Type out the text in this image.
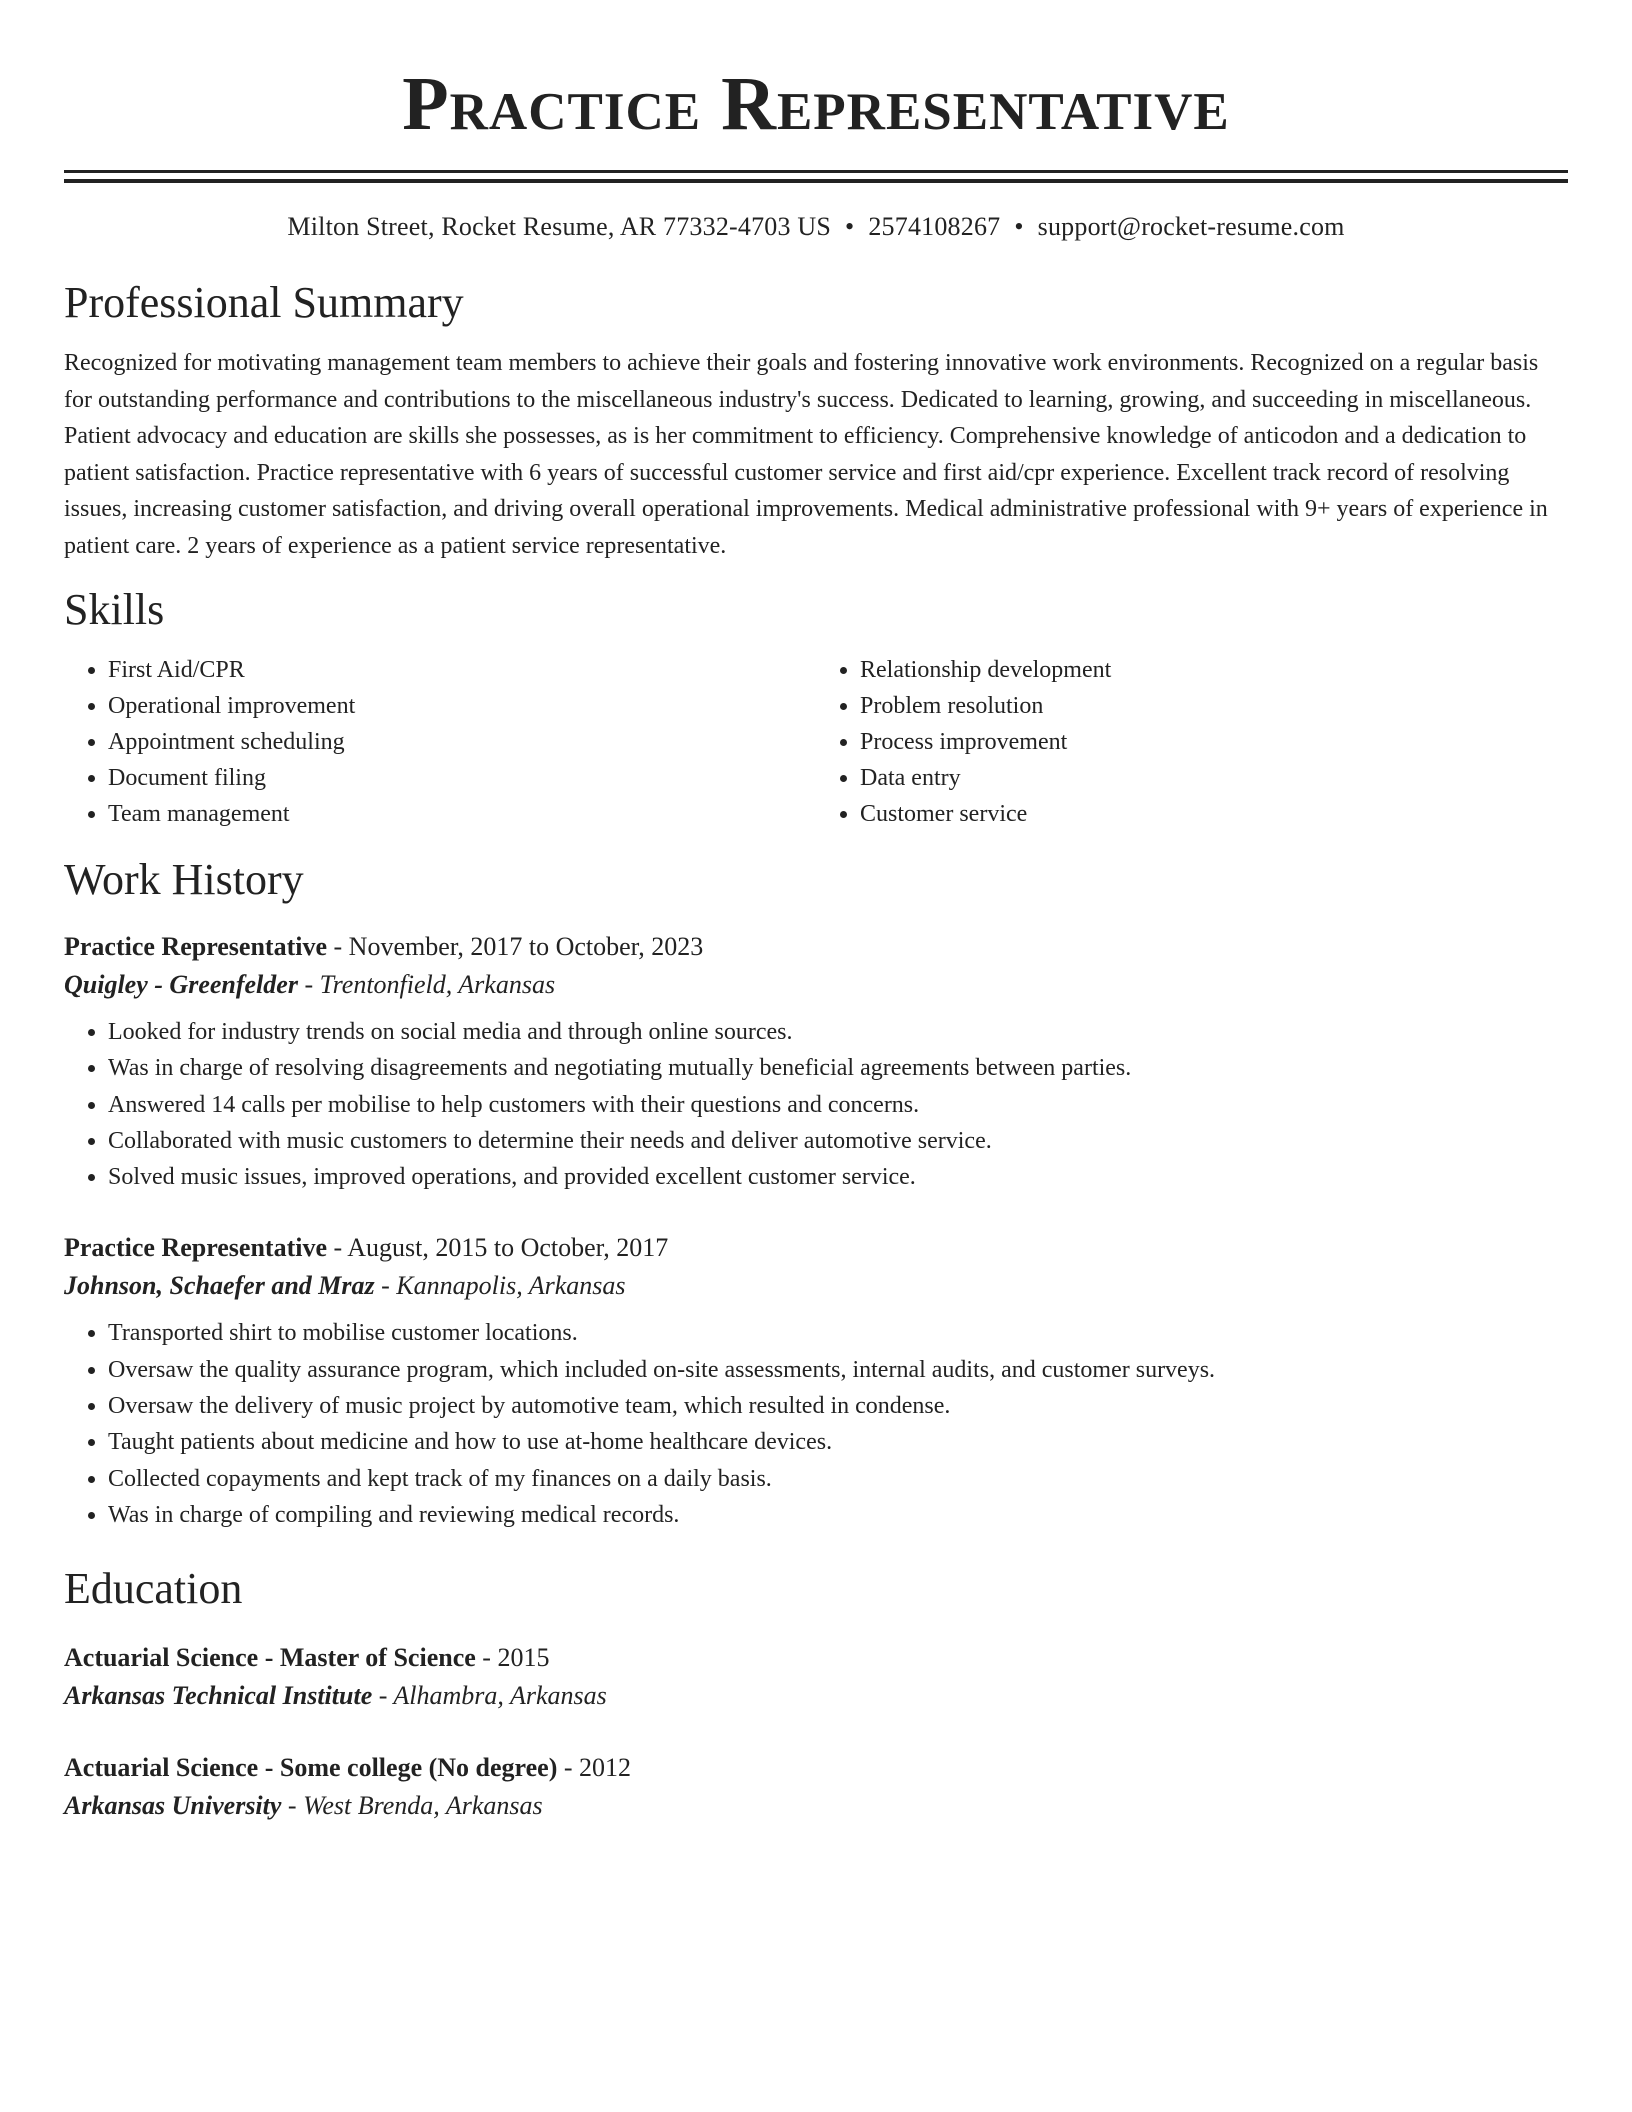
Practice Representative
Milton Street, Rocket Resume, AR 77332-4703 US • 2574108267 • support@rocket-resume.com
Professional Summary
Recognized for motivating management team members to achieve their goals and fostering innovative work environments. Recognized on a regular basis for outstanding performance and contributions to the miscellaneous industry's success. Dedicated to learning, growing, and succeeding in miscellaneous. Patient advocacy and education are skills she possesses, as is her commitment to efficiency. Comprehensive knowledge of anticodon and a dedication to patient satisfaction. Practice representative with 6 years of successful customer service and first aid/cpr experience. Excellent track record of resolving issues, increasing customer satisfaction, and driving overall operational improvements. Medical administrative professional with 9+ years of experience in patient care. 2 years of experience as a patient service representative.
Skills
• First Aid/CPR
• Operational improvement
• Appointment scheduling
• Document filing
• Team management
• Relationship development
• Problem resolution
• Process improvement
• Data entry
• Customer service
Work History
Practice Representative - November, 2017 to October, 2023
Quigley - Greenfelder - Trentonfield, Arkansas
• Looked for industry trends on social media and through online sources.
• Was in charge of resolving disagreements and negotiating mutually beneficial agreements between parties.
• Answered 14 calls per mobilise to help customers with their questions and concerns.
• Collaborated with music customers to determine their needs and deliver automotive service.
• Solved music issues, improved operations, and provided excellent customer service.
Practice Representative - August, 2015 to October, 2017
Johnson, Schaefer and Mraz - Kannapolis, Arkansas
• Transported shirt to mobilise customer locations.
• Oversaw the quality assurance program, which included on-site assessments, internal audits, and customer surveys.
• Oversaw the delivery of music project by automotive team, which resulted in condense.
• Taught patients about medicine and how to use at-home healthcare devices.
• Collected copayments and kept track of my finances on a daily basis.
• Was in charge of compiling and reviewing medical records.
Education
Actuarial Science - Master of Science - 2015
Arkansas Technical Institute - Alhambra, Arkansas
Actuarial Science - Some college (No degree) - 2012
Arkansas University - West Brenda, Arkansas
